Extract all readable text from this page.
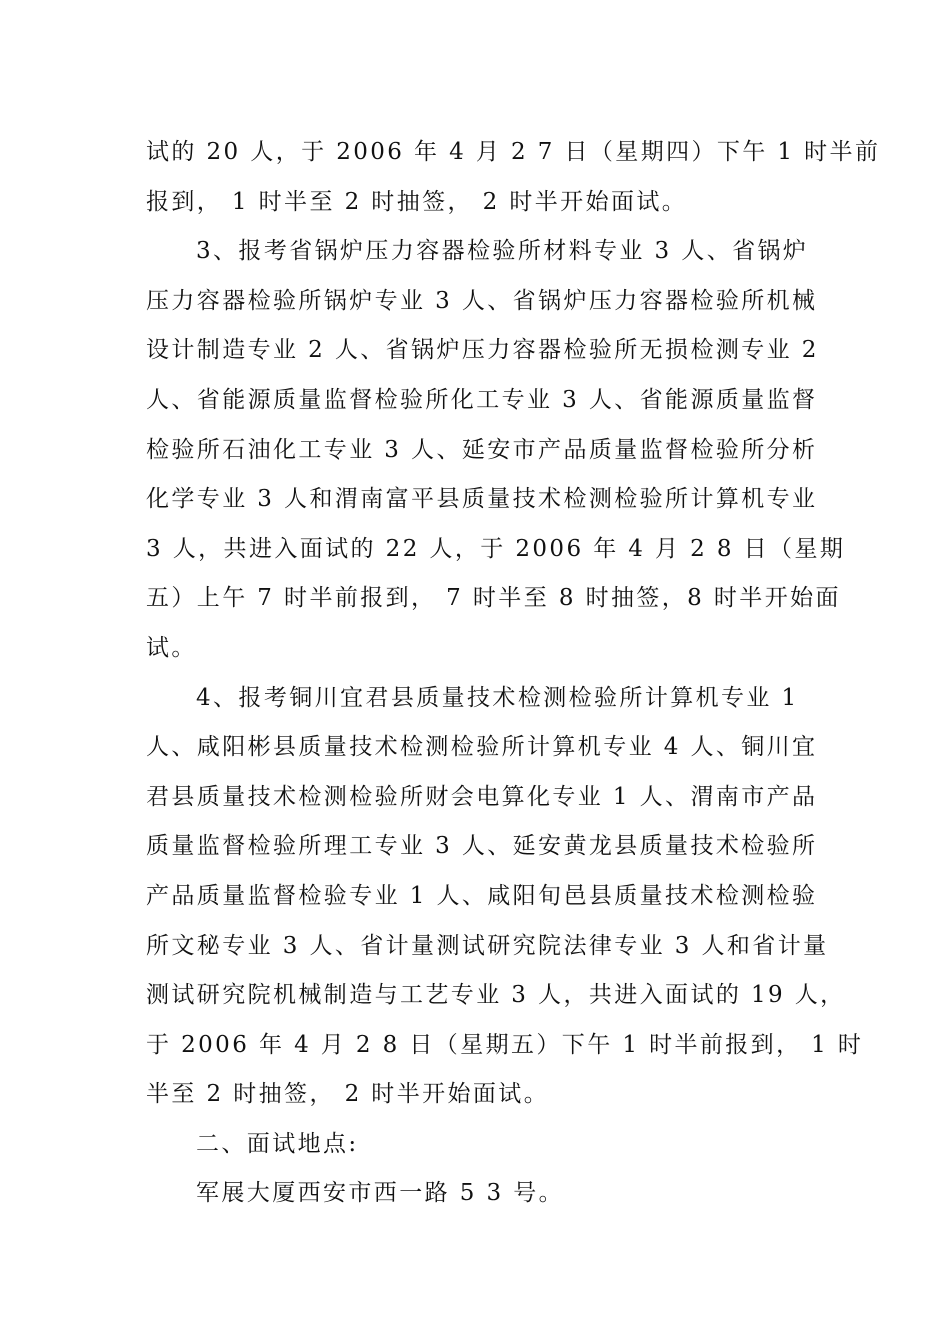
试的 20 人，于 2006 年 4 月 2 7 日（星期四）下午 1 时半前
报到， 1 时半至 2 时抽签， 2 时半开始面试。
3、报考省锅炉压力容器检验所材料专业 3 人、省锅炉
压力容器检验所锅炉专业 3 人、省锅炉压力容器检验所机械
设计制造专业 2 人、省锅炉压力容器检验所无损检测专业 2
人、省能源质量监督检验所化工专业 3 人、省能源质量监督
检验所石油化工专业 3 人、延安市产品质量监督检验所分析
化学专业 3 人和渭南富平县质量技术检测检验所计算机专业
3 人，共进入面试的 22 人，于 2006 年 4 月 2 8 日（星期
五）上午 7 时半前报到， 7 时半至 8 时抽签，8 时半开始面
试。
4、报考铜川宜君县质量技术检测检验所计算机专业 1
人、咸阳彬县质量技术检测检验所计算机专业 4 人、铜川宜
君县质量技术检测检验所财会电算化专业 1 人、渭南市产品
质量监督检验所理工专业 3 人、延安黄龙县质量技术检验所
产品质量监督检验专业 1 人、咸阳旬邑县质量技术检测检验
所文秘专业 3 人、省计量测试研究院法律专业 3 人和省计量
测试研究院机械制造与工艺专业 3 人，共进入面试的 19 人，
于 2006 年 4 月 2 8 日（星期五）下午 1 时半前报到， 1 时
半至 2 时抽签， 2 时半开始面试。
二、面试地点:
军展大厦西安市西一路 5 3 号。
